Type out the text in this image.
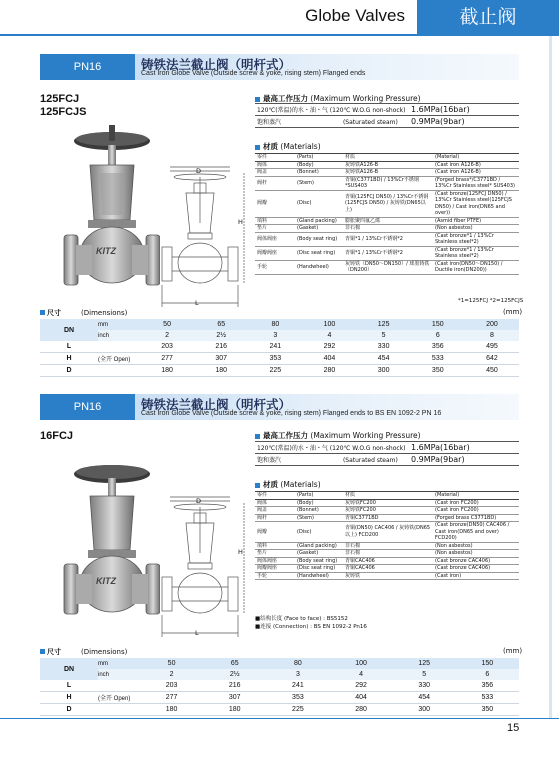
Globe Valves	截止阀
PN16	铸铁法兰截止阀（明杆式）
Cast Iron Globe Valve (Outside screw & yoke, rising stem) Flanged ends
125FCJ
125FCJS
KITZ
D
H
L
最高工作压力 (Maximum Working Pressure)
120℃(常温)的水・油・气 (120℃ W.O.G non-shock)	1.6MPa(16bar)
饱和蒸汽 (Saturated steam)	0.9MPa(9bar)
材质 (Materials)
零件	(Parts)	材质	(Material)
阀体	(Body)	灰铸铁A126-B	(Cast iron A126-B)
阀盖	(Bonnet)	灰铸铁A126-B	(Cast iron A126-B)
阀杆	(Stem)	青铜(C3771BD) / 13%Cr不锈钢*SUS403	(Forged brass*/C3771BD / 13%Cr Stainless steel* SUS403)
阀瓣	(Disc)	青铜(125FCJ DN50) / 13%Cr不锈钢(125FCJS DN50) / 灰铸铁(DN65以上)	(Cast bronze(125FCJ DN50) / 13%Cr Stainless steel(125FCJS DN50) / Cast iron(DN65 and over))
填料	(Gland packing)	膨胀聚四氟乙烯	(Asmid fiber PTFE)
垫片	(Gasket)	非石棉	(Non asbestos)
阀体阀座	(Body seat ring)	青铜*1 / 13%Cr不锈钢*2	(Cast bronze*1 / 13%Cr Stainless steel*2)
阀瓣阀座	(Disc seat ring)	青铜*1 / 13%Cr不锈钢*2	(Cast bronze*1 / 13%Cr Stainless steel*2)
手轮	(Handwheel)	灰铸铁（DN50～DN150）/ 球墨铸铁（DN200）	(Cast iron(DN50～DN150) / Ductile iron(DN200))
*1=125FCJ *2=125FCJS
尺寸	(Dimensions)	(mm)
DN	mm	50	65	80	100	125	150	200
	inch	2	2½	3	4	5	6	8
L		203	216	241	292	330	356	495
H	(全开 Open)	277	307	353	404	454	533	642
D		180	180	225	280	300	350	450
PN16	铸铁法兰截止阀（明杆式）
Cast Iron Globe Valve (Outside screw & yoke, rising stem) Flanged ends to BS EN 1092-2 PN 16
16FCJ
KITZ
D
H
L
最高工作压力 (Maximum Working Pressure)
120℃(常温)的水・油・气 (120℃ W.O.G non-shock)	1.6MPa(16bar)
饱和蒸汽 (Saturated steam)	0.9MPa(9bar)
材质 (Materials)
零件	(Parts)	材质	(Material)
阀体	(Body)	灰铸铁FC200	(Cast iron FC200)
阀盖	(Bonnet)	灰铸铁FC200	(Cast iron FC200)
阀杆	(Stem)	青铜C3771BD	(Forged brass C3771BD)
阀瓣	(Disc)	青铜(DN50) CAC406 / 灰铸铁(DN65以上) FCD200	(Cast bronze(DN50) CAC406 / Cast iron(DN65 and over) FCD200)
填料	(Gland packing)	非石棉	(Non asbestos)
垫片	(Gasket)	非石棉	(Non asbestos)
阀体阀座	(Body seat ring)	青铜CAC406	(Cast bronze CAC406)
阀瓣阀座	(Disc seat ring)	青铜CAC406	(Cast bronze CAC406)
手轮	(Handwheel)	灰铸铁	(Cast iron)
■结构长度 (Face to face) : BS5152
■连接 (Connection) : BS EN 1092-2 Pn16
尺寸	(Dimensions)	(mm)
DN	mm	50	65	80	100	125	150	
	inch	2	2½	3	4	5	6	
L		203	216	241	292	330	356	
H	(全开 Open)	277	307	353	404	454	533	
D		180	180	225	280	300	350	
15
